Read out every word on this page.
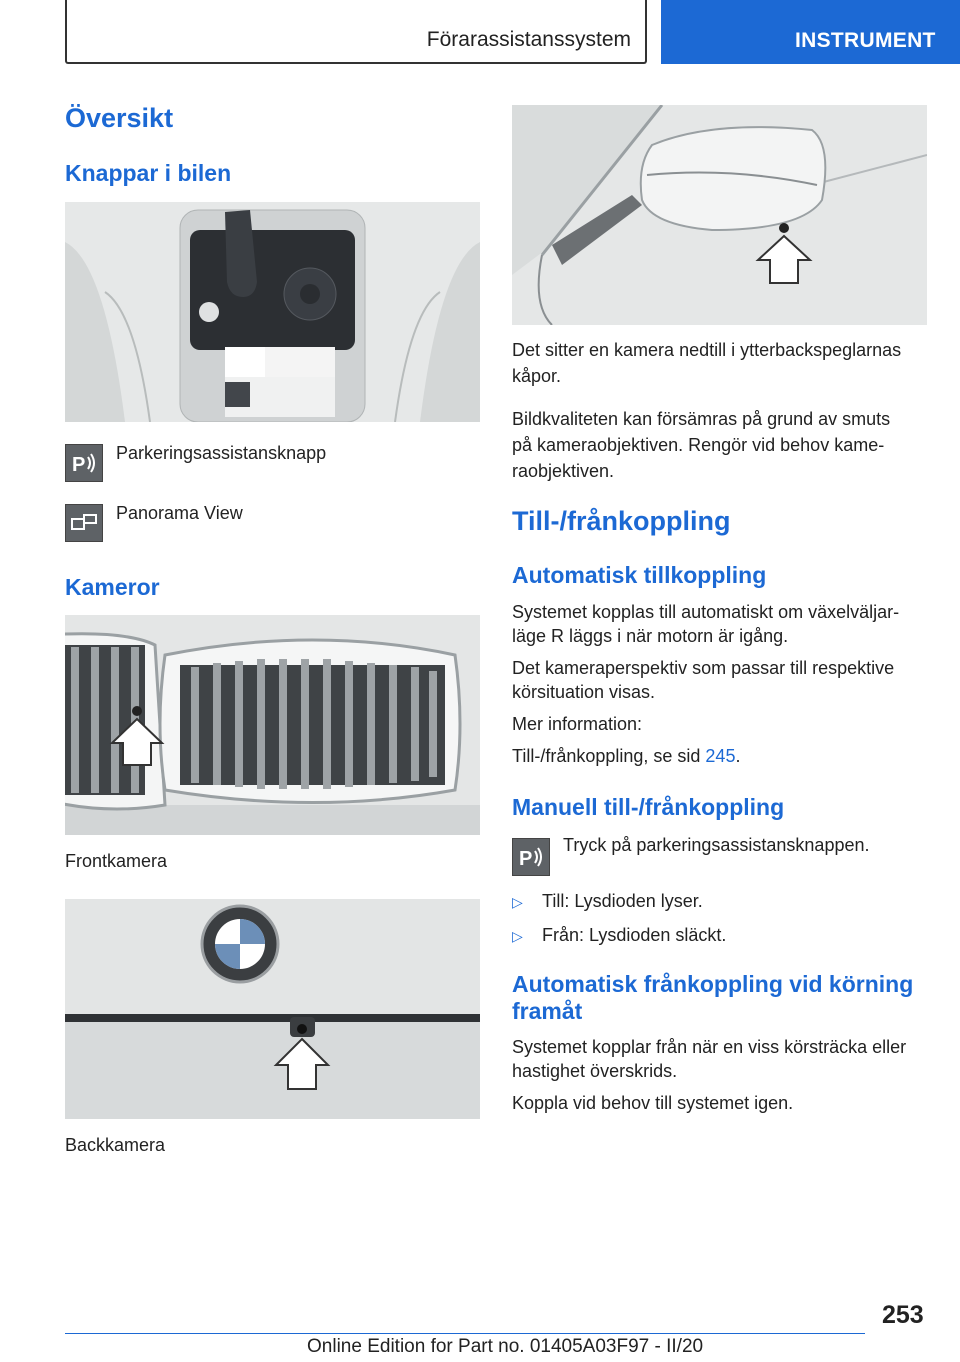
Förarassistanssystem	INSTRUMENT
Översikt
Knappar i bilen
P
Parkeringsassistansknapp
Panorama View
Kameror
Frontkamera
Backkamera
Det sitter en kamera nedtill i ytterbackspeglarnas kåpor.
Bildkvaliteten kan försämras på grund av smuts
på kameraobjektiven. Rengör vid behov kame-
raobjektiven.
Till-/frånkoppling
Automatisk tillkoppling
Systemet kopplas till automatiskt om växelväljar-
läge R läggs i när motorn är igång.
Det kameraperspektiv som passar till respektive
körsituation visas.
Mer information:
Till-/frånkoppling, se sid 245.
Manuell till-/frånkoppling
P
Tryck på parkeringsassistansknappen.
▷ Till: Lysdioden lyser.
▷ Från: Lysdioden släckt.
Automatisk frånkoppling vid körning
framåt
Systemet kopplar från när en viss körsträcka eller
hastighet överskrids.
Koppla vid behov till systemet igen.
253
Online Edition for Part no. 01405A03F97 - II/20
